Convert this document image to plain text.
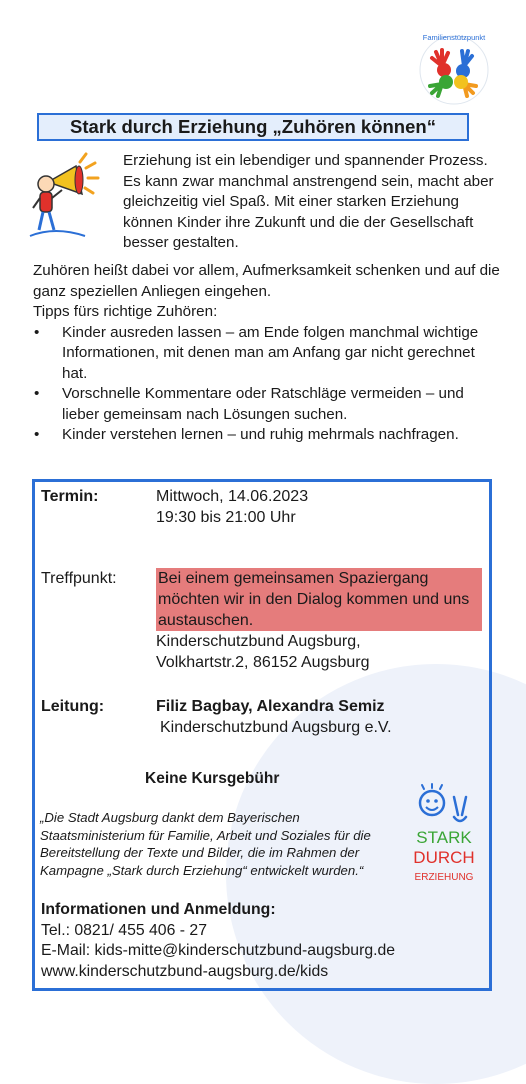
Familienstützpunkt
Stark durch Erziehung „Zuhören können“
Erziehung ist ein lebendiger und spannender Prozess. Es kann zwar manchmal anstrengend sein, macht aber gleichzeitig viel Spaß. Mit einer starken Erziehung können Kinder ihre Zukunft und die der Gesellschaft besser gestalten.

Zuhören heißt dabei vor allem, Aufmerksamkeit schenken und auf die ganz speziellen Anliegen eingehen.

Tipps fürs richtige Zuhören:

• Kinder ausreden lassen – am Ende folgen manchmal wichtige Informationen, mit denen man am Anfang gar nicht gerechnet hat.
• Vorschnelle Kommentare oder Ratschläge vermeiden – und lieber gemeinsam nach Lösungen suchen.
• Kinder verstehen lernen – und ruhig mehrmals nachfragen.
Termin:	Mittwoch, 14.06.2023
19:30 bis 21:00 Uhr
Treffpunkt:	Bei einem gemeinsamen Spaziergang möchten wir in den Dialog kommen und uns austauschen.
Kinderschutzbund Augsburg,
Volkhartstr.2, 86152 Augsburg
Leitung:	Filiz Bagbay, Alexandra Semiz
Kinderschutzbund Augsburg e.V.
Keine Kursgebühr
„Die Stadt Augsburg dankt dem Bayerischen Staatsministerium für Familie, Arbeit und Soziales für die Bereitstellung der Texte und Bilder, die im Rahmen der Kampagne „Stark durch Erziehung“ entwickelt wurden.“
STARK
DURCH
ERZIEHUNG
Informationen und Anmeldung:
Tel.: 0821/ 455 406 - 27
E-Mail: kids-mitte@kinderschutzbund-augsburg.de
www.kinderschutzbund-augsburg.de/kids
